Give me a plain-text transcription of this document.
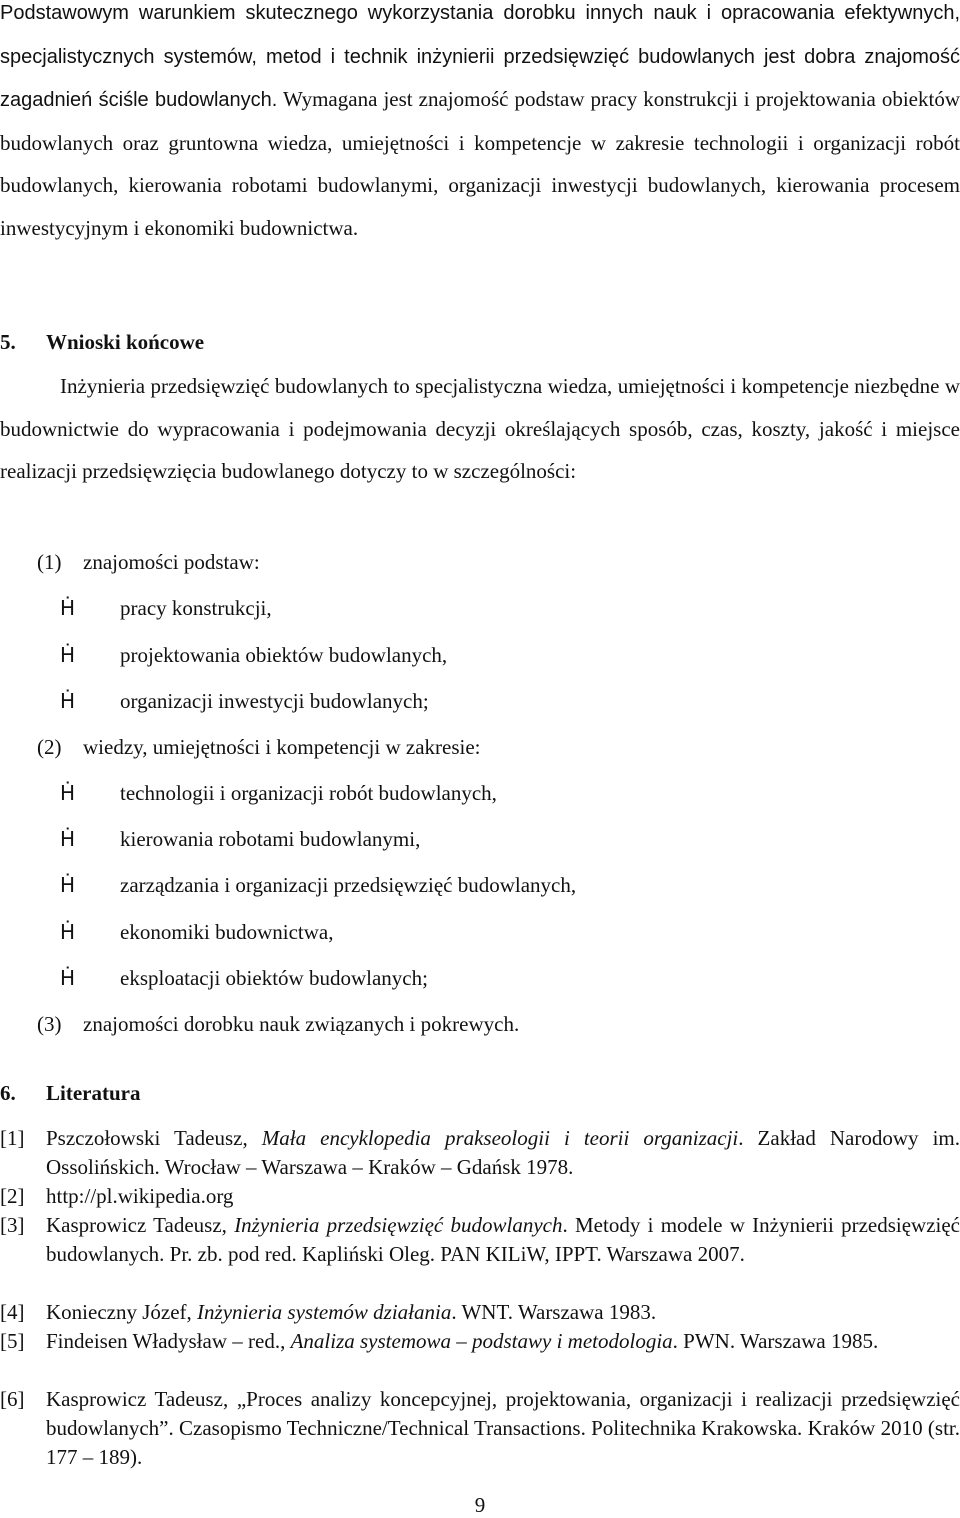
Podstawowym warunkiem skutecznego wykorzystania dorobku innych nauk i opracowania efektywnych, specjalistycznych systemów, metod i technik inżynierii przedsięwzięć budowlanych jest dobra znajomość zagadnień ściśle budowlanych. Wymagana jest znajomość podstaw pracy konstrukcji i projektowania obiektów budowlanych oraz gruntowna wiedza, umiejętności i kompetencje w zakresie technologii i organizacji robót budowlanych, kierowania robotami budowlanymi, organizacji inwestycji budowlanych, kierowania procesem inwestycyjnym i ekonomiki budownictwa.

5. Wnioski końcowe

Inżynieria przedsięwzięć budowlanych to specjalistyczna wiedza, umiejętności i kompetencje niezbędne w budownictwie do wypracowania i podejmowania decyzji określających sposób, czas, koszty, jakość i miejsce realizacji przedsięwzięcia budowlanego dotyczy to w szczególności:

(1) znajomości podstaw:
Ḣ pracy konstrukcji,
Ḣ projektowania obiektów budowlanych,
Ḣ organizacji inwestycji budowlanych;
(2) wiedzy, umiejętności i kompetencji w zakresie:
Ḣ technologii i organizacji robót budowlanych,
Ḣ kierowania robotami budowlanymi,
Ḣ zarządzania i organizacji przedsięwzięć budowlanych,
Ḣ ekonomiki budownictwa,
Ḣ eksploatacji obiektów budowlanych;
(3) znajomości dorobku nauk związanych i pokrewych.
6. Literatura
[1]	Pszczołowski Tadeusz, Mała encyklopedia prakseologii i teorii organizacji. Zakład Narodowy im. Ossolińskich. Wrocław – Warszawa – Kraków – Gdańsk 1978.
[2]	http://pl.wikipedia.org
[3]	Kasprowicz Tadeusz, Inżynieria przedsięwzięć budowlanych. Metody i modele w Inżynierii przedsięwzięć budowlanych. Pr. zb. pod red. Kapliński Oleg. PAN KILiW, IPPT. Warszawa 2007.
[4]	Konieczny Józef, Inżynieria systemów działania. WNT. Warszawa 1983.
[5]	Findeisen Władysław – red., Analiza systemowa – podstawy i metodologia. PWN. Warszawa 1985.
[6]	Kasprowicz Tadeusz, „Proces analizy koncepcyjnej, projektowania, organizacji i realizacji przedsięwzięć budowlanych”. Czasopismo Techniczne/Technical Transactions. Politechnika Krakowska. Kraków 2010 (str. 177 – 189).
9
